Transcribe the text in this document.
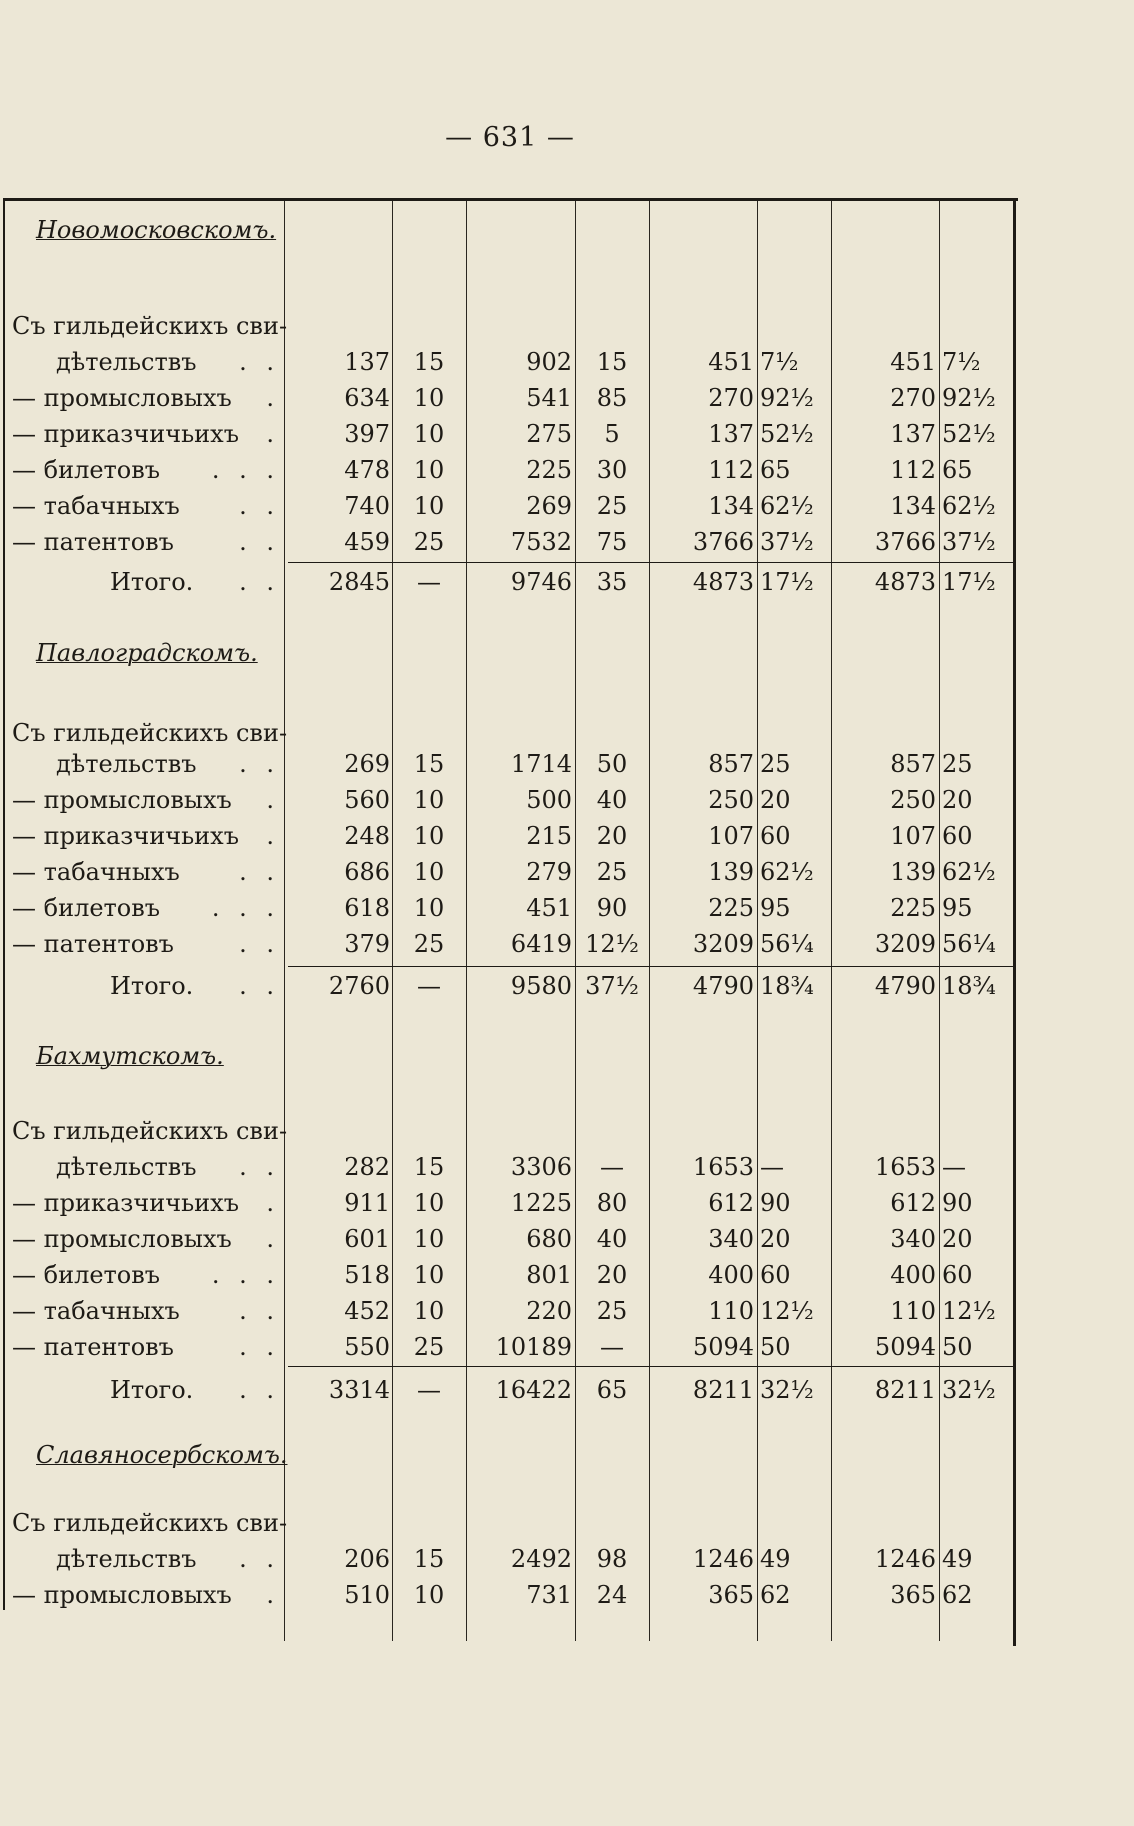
— 631 —
Новомосковскомъ.
Съ гильдейскихъ сви-
дѣтельствъ . .	137 15	902	15	451 7½	451 7½
— промысловыхъ .	634 10	541	85	270 92½	270 92½
— приказчичьихъ .	397 10	275	5	137 52½	137 52½
— билетовъ . . .	478 10	225	30	112 65	112 65
— табачныхъ . .	740 10	269	25	134 62½	134 62½
— патентовъ	. .	459 25	7532	75	3766 37½	3766 37½
Итого. . .	2845	—	9746	35	4873 17½	4873 17½
Павлоградскомъ.
Съ гильдейскихъ сви-
дѣтельствъ . .	269 15	1714	50	857 25	857 25
— промысловыхъ .	560 10	500	40	250 20	250 20
— приказчичьихъ .	248 10	215	20	107 60	107 60
— табачныхъ . .	686 10	279	25	139 62½	139 62½
— билетовъ . . .	618 10	451	90	225 95	225 95
— патентовъ	. .	379 25	6419 12½	3209 56¼	3209 56¼
Итого. . .	2760	—	9580 37½	4790 18¾	4790 18¾
Бахмутскомъ.
Съ гильдейскихъ сви-
дѣтельствъ . .	282 15	3306	—	1653 —	1653 —
— приказчичьихъ .	911 10	1225	80	612 90	612 90
— промысловыхъ .	601 10	680	40	340 20	340 20
— билетовъ . . .	518 10	801	20	400 60	400 60
— табачныхъ . .	452 10	220	25	110 12½	110 12½
— патентовъ	. .	550 25	10189	—	5094 50	5094 50
Итого. . .	3314	—	16422	65	8211 32½	8211 32½
Славяносербскомъ.
Съ гильдейскихъ сви-
дѣтельствъ . .	206 15	2492	98	1246 49	1246 49
— промысловыхъ .	510 10	731	24	365 62	365 62
